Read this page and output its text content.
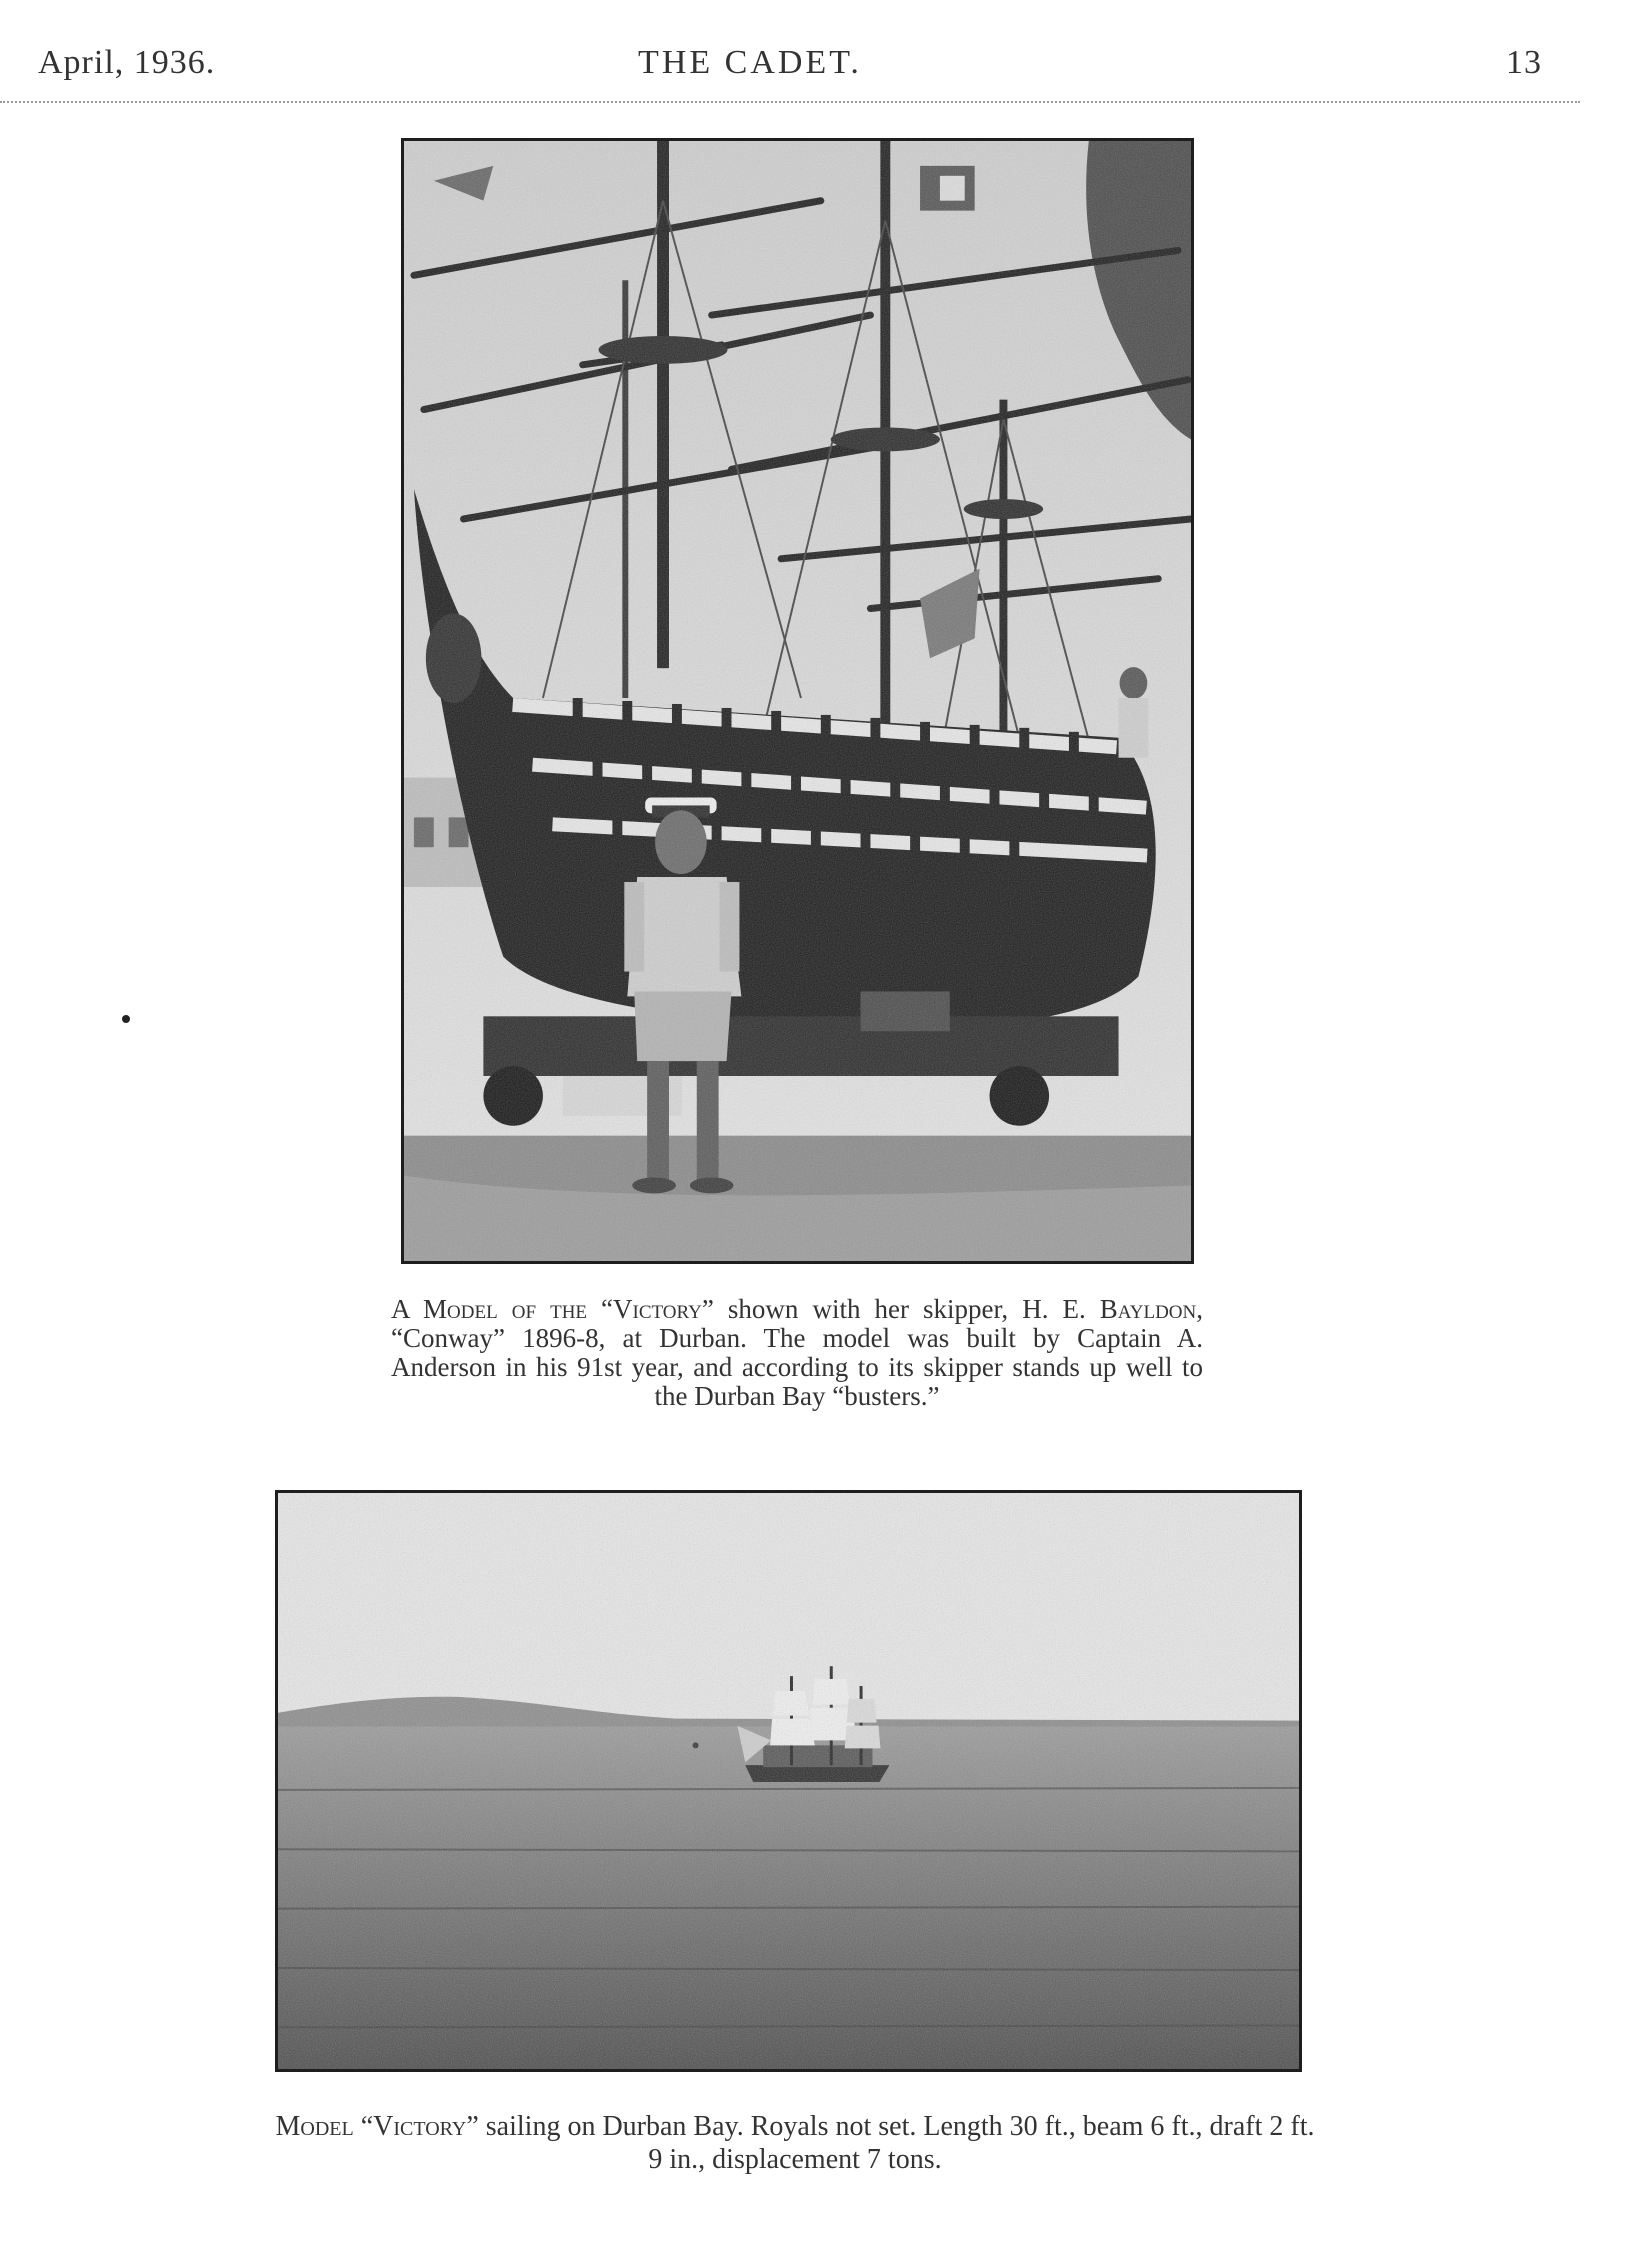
April, 1936.	THE CADET.	13
A Model of the “Victory” shown with her skipper, H. E. Bayldon, “Conway” 1896-8, at Durban. The model was built by Captain A. Anderson in his 91st year, and according to its skipper stands up well to the Durban Bay “busters.”
Model “Victory” sailing on Durban Bay. Royals not set. Length 30 ft., beam 6 ft., draft 2 ft. 9 in., displacement 7 tons.
